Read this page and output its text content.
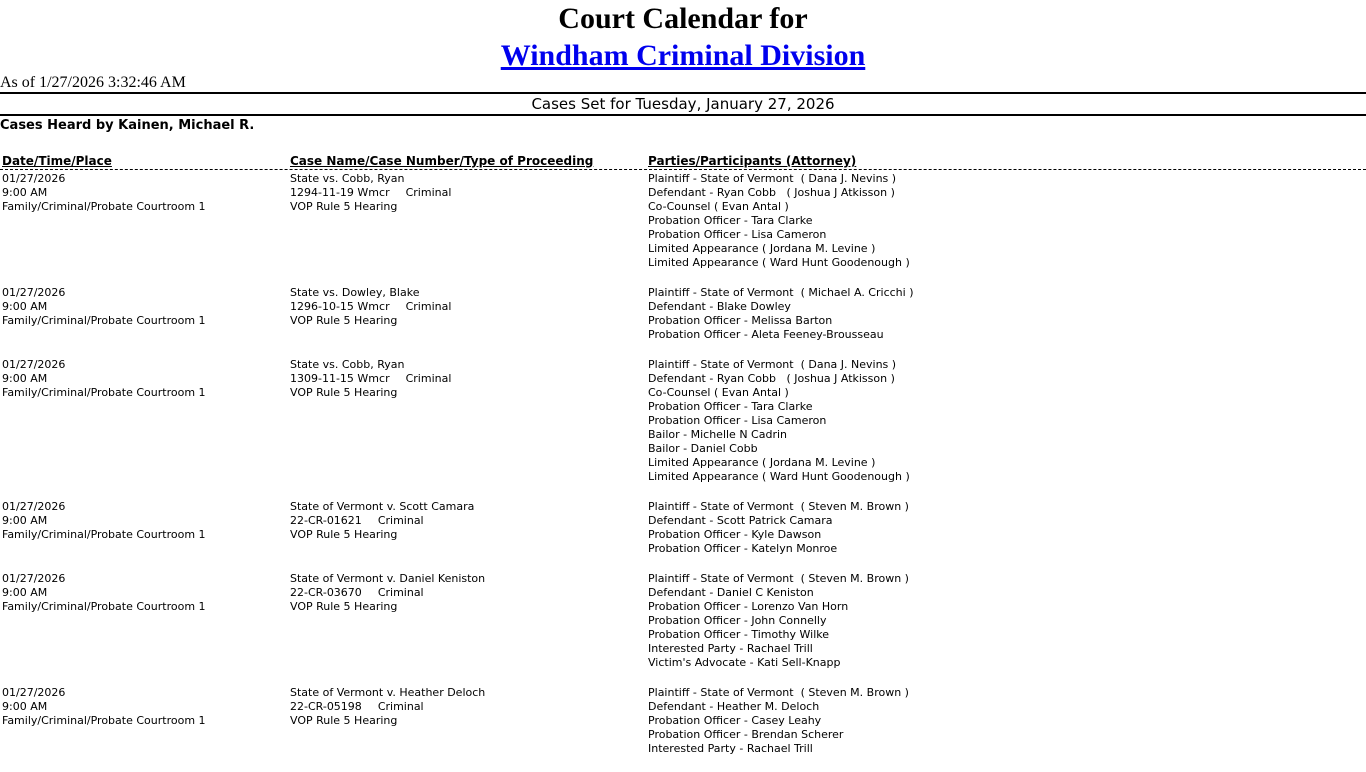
Court Calendar for
Windham Criminal Division
As of 1/27/2026 3:32:46 AM
Cases Set for Tuesday, January 27, 2026
Cases Heard by Kainen, Michael R.
Date/Time/Place	Case Name/Case Number/Type of Proceeding	Parties/Participants (Attorney)
01/27/2026
9:00 AM
Family/Criminal/Probate Courtroom 1
State vs. Cobb, Ryan
1294-11-19 Wmcr Criminal
VOP Rule 5 Hearing
Plaintiff - State of Vermont  ( Dana J. Nevins )
Defendant - Ryan Cobb   ( Joshua J Atkisson )
Co-Counsel ( Evan Antal )
Probation Officer - Tara Clarke
Probation Officer - Lisa Cameron
Limited Appearance ( Jordana M. Levine )
Limited Appearance ( Ward Hunt Goodenough )
01/27/2026
9:00 AM
Family/Criminal/Probate Courtroom 1
State vs. Dowley, Blake
1296-10-15 Wmcr Criminal
VOP Rule 5 Hearing
Plaintiff - State of Vermont  ( Michael A. Cricchi )
Defendant - Blake Dowley
Probation Officer - Melissa Barton
Probation Officer - Aleta Feeney-Brousseau
01/27/2026
9:00 AM
Family/Criminal/Probate Courtroom 1
State vs. Cobb, Ryan
1309-11-15 Wmcr Criminal
VOP Rule 5 Hearing
Plaintiff - State of Vermont  ( Dana J. Nevins )
Defendant - Ryan Cobb   ( Joshua J Atkisson )
Co-Counsel ( Evan Antal )
Probation Officer - Tara Clarke
Probation Officer - Lisa Cameron
Bailor - Michelle N Cadrin
Bailor - Daniel Cobb
Limited Appearance ( Jordana M. Levine )
Limited Appearance ( Ward Hunt Goodenough )
01/27/2026
9:00 AM
Family/Criminal/Probate Courtroom 1
State of Vermont v. Scott Camara
22-CR-01621 Criminal
VOP Rule 5 Hearing
Plaintiff - State of Vermont  ( Steven M. Brown )
Defendant - Scott Patrick Camara
Probation Officer - Kyle Dawson
Probation Officer - Katelyn Monroe
01/27/2026
9:00 AM
Family/Criminal/Probate Courtroom 1
State of Vermont v. Daniel Keniston
22-CR-03670 Criminal
VOP Rule 5 Hearing
Plaintiff - State of Vermont  ( Steven M. Brown )
Defendant - Daniel C Keniston
Probation Officer - Lorenzo Van Horn
Probation Officer - John Connelly
Probation Officer - Timothy Wilke
Interested Party - Rachael Trill
Victim's Advocate - Kati Sell-Knapp
01/27/2026
9:00 AM
Family/Criminal/Probate Courtroom 1
State of Vermont v. Heather Deloch
22-CR-05198 Criminal
VOP Rule 5 Hearing
Plaintiff - State of Vermont  ( Steven M. Brown )
Defendant - Heather M. Deloch
Probation Officer - Casey Leahy
Probation Officer - Brendan Scherer
Interested Party - Rachael Trill
